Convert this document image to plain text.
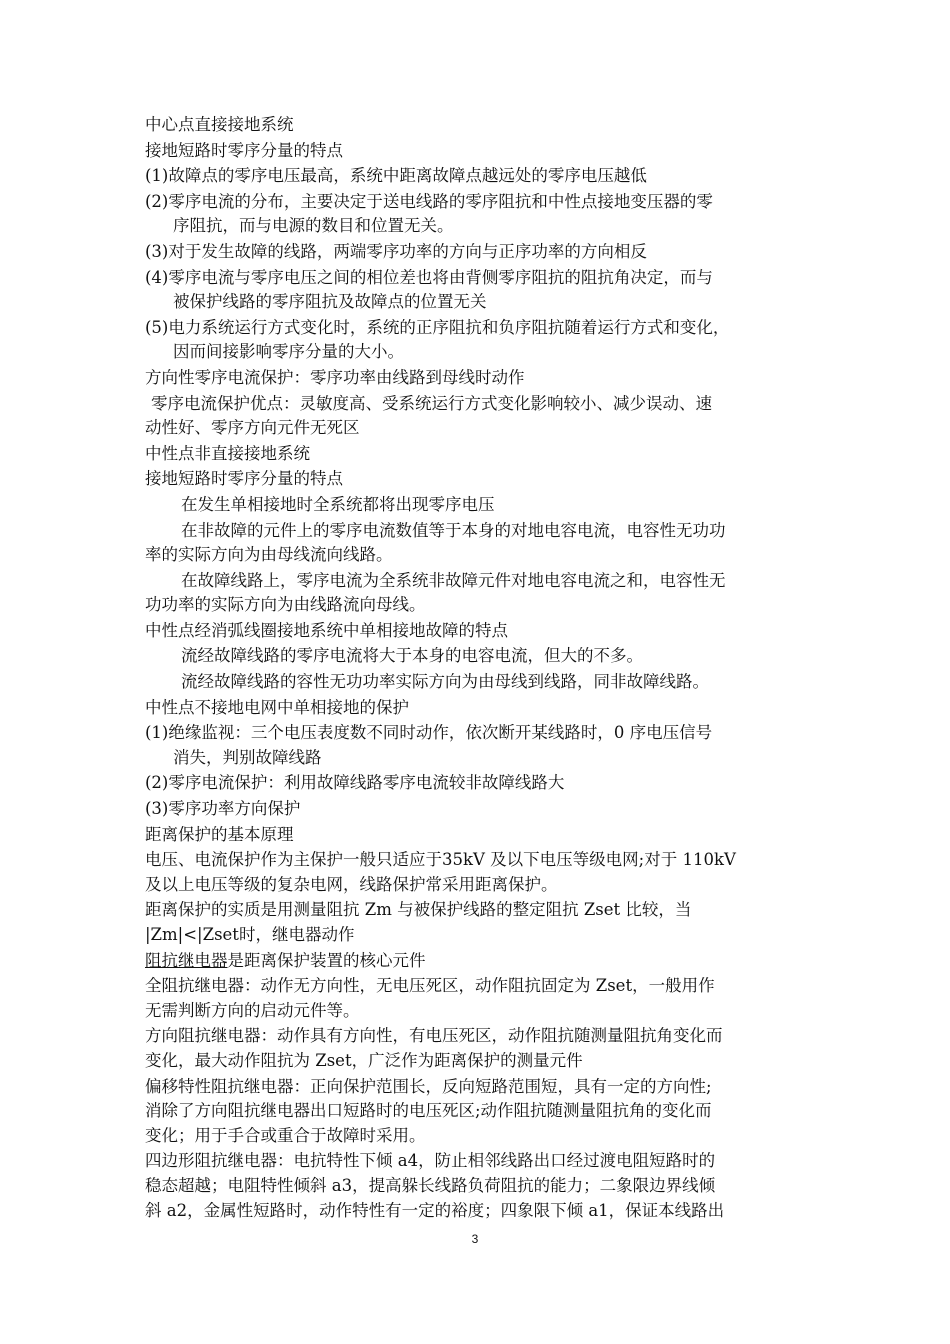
中心点直接接地系统
接地短路时零序分量的特点
(1)故障点的零序电压最高，系统中距离故障点越远处的零序电压越低
(2)零序电流的分布，主要决定于送电线路的零序阻抗和中性点接地变压器的零
序阻抗，而与电源的数目和位置无关。
(3)对于发生故障的线路，两端零序功率的方向与正序功率的方向相反
(4)零序电流与零序电压之间的相位差也将由背侧零序阻抗的阻抗角决定，而与
被保护线路的零序阻抗及故障点的位置无关
(5)电力系统运行方式变化时，系统的正序阻抗和负序阻抗随着运行方式和变化，
因而间接影响零序分量的大小。
方向性零序电流保护：零序功率由线路到母线时动作
零序电流保护优点：灵敏度高、受系统运行方式变化影响较小、减少误动、速
动性好、零序方向元件无死区
中性点非直接接地系统
接地短路时零序分量的特点
在发生单相接地时全系统都将出现零序电压
在非故障的元件上的零序电流数值等于本身的对地电容电流，电容性无功功
率的实际方向为由母线流向线路。
在故障线路上，零序电流为全系统非故障元件对地电容电流之和，电容性无
功功率的实际方向为由线路流向母线。
中性点经消弧线圈接地系统中单相接地故障的特点
流经故障线路的零序电流将大于本身的电容电流，但大的不多。
流经故障线路的容性无功功率实际方向为由母线到线路，同非故障线路。
中性点不接地电网中单相接地的保护
(1)绝缘监视：三个电压表度数不同时动作，依次断开某线路时，0 序电压信号
消失，判别故障线路
(2)零序电流保护：利用故障线路零序电流较非故障线路大
(3)零序功率方向保护
距离保护的基本原理
电压、电流保护作为主保护一般只适应于35kV 及以下电压等级电网;对于 110kV
及以上电压等级的复杂电网，线路保护常采用距离保护。
距离保护的实质是用测量阻抗 Zm 与被保护线路的整定阻抗 Zset 比较，当
|Zm|<|Zset时，继电器动作
阻抗继电器是距离保护装置的核心元件
全阻抗继电器：动作无方向性，无电压死区，动作阻抗固定为 Zset，一般用作
无需判断方向的启动元件等。
方向阻抗继电器：动作具有方向性，有电压死区，动作阻抗随测量阻抗角变化而
变化，最大动作阻抗为 Zset，广泛作为距离保护的测量元件
偏移特性阻抗继电器：正向保护范围长，反向短路范围短，具有一定的方向性;
消除了方向阻抗继电器出口短路时的电压死区;动作阻抗随测量阻抗角的变化而
变化；用于手合或重合于故障时采用。
四边形阻抗继电器：电抗特性下倾 a4，防止相邻线路出口经过渡电阻短路时的
稳态超越；电阻特性倾斜 a3，提高躲长线路负荷阻抗的能力；二象限边界线倾
斜 a2，金属性短路时，动作特性有一定的裕度；四象限下倾 a1，保证本线路出
3
